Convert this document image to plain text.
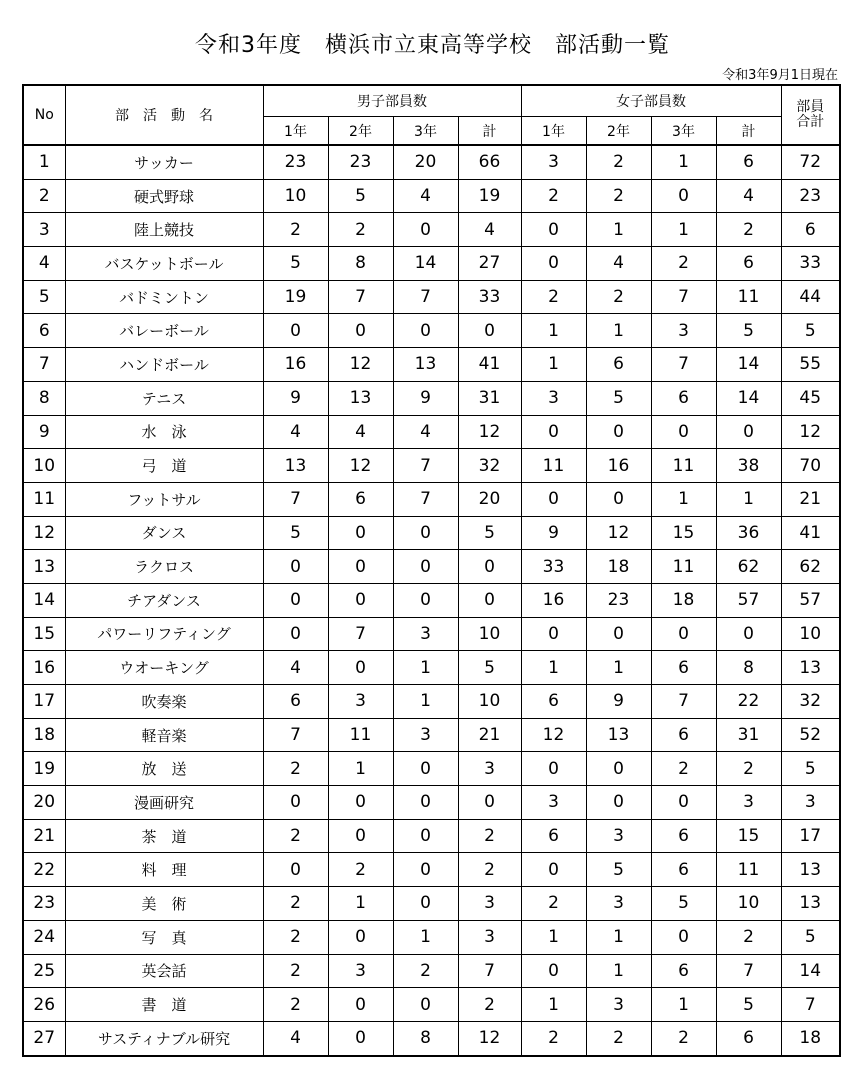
令和3年度　横浜市立東高等学校　部活動一覧
令和3年9月1日現在
No	部　活　動　名	男子部員数				女子部員数				部員
合計
		1年	2年	3年	計	1年	2年	3年	計	
1	サッカー	23	23	20	66	3	2	1	6	72
2	硬式野球	10	5	4	19	2	2	0	4	23
3	陸上競技	2	2	0	4	0	1	1	2	6
4	バスケットボール	5	8	14	27	0	4	2	6	33
5	バドミントン	19	7	7	33	2	2	7	11	44
6	バレーボール	0	0	0	0	1	1	3	5	5
7	ハンドボール	16	12	13	41	1	6	7	14	55
8	テニス	9	13	9	31	3	5	6	14	45
9	水　泳	4	4	4	12	0	0	0	0	12
10	弓　道	13	12	7	32	11	16	11	38	70
11	フットサル	7	6	7	20	0	0	1	1	21
12	ダンス	5	0	0	5	9	12	15	36	41
13	ラクロス	0	0	0	0	33	18	11	62	62
14	チアダンス	0	0	0	0	16	23	18	57	57
15	パワーリフティング	0	7	3	10	0	0	0	0	10
16	ウオーキング	4	0	1	5	1	1	6	8	13
17	吹奏楽	6	3	1	10	6	9	7	22	32
18	軽音楽	7	11	3	21	12	13	6	31	52
19	放　送	2	1	0	3	0	0	2	2	5
20	漫画研究	0	0	0	0	3	0	0	3	3
21	茶　道	2	0	0	2	6	3	6	15	17
22	料　理	0	2	0	2	0	5	6	11	13
23	美　術	2	1	0	3	2	3	5	10	13
24	写　真	2	0	1	3	1	1	0	2	5
25	英会話	2	3	2	7	0	1	6	7	14
26	書　道	2	0	0	2	1	3	1	5	7
27	サスティナブル研究	4	0	8	12	2	2	2	6	18
